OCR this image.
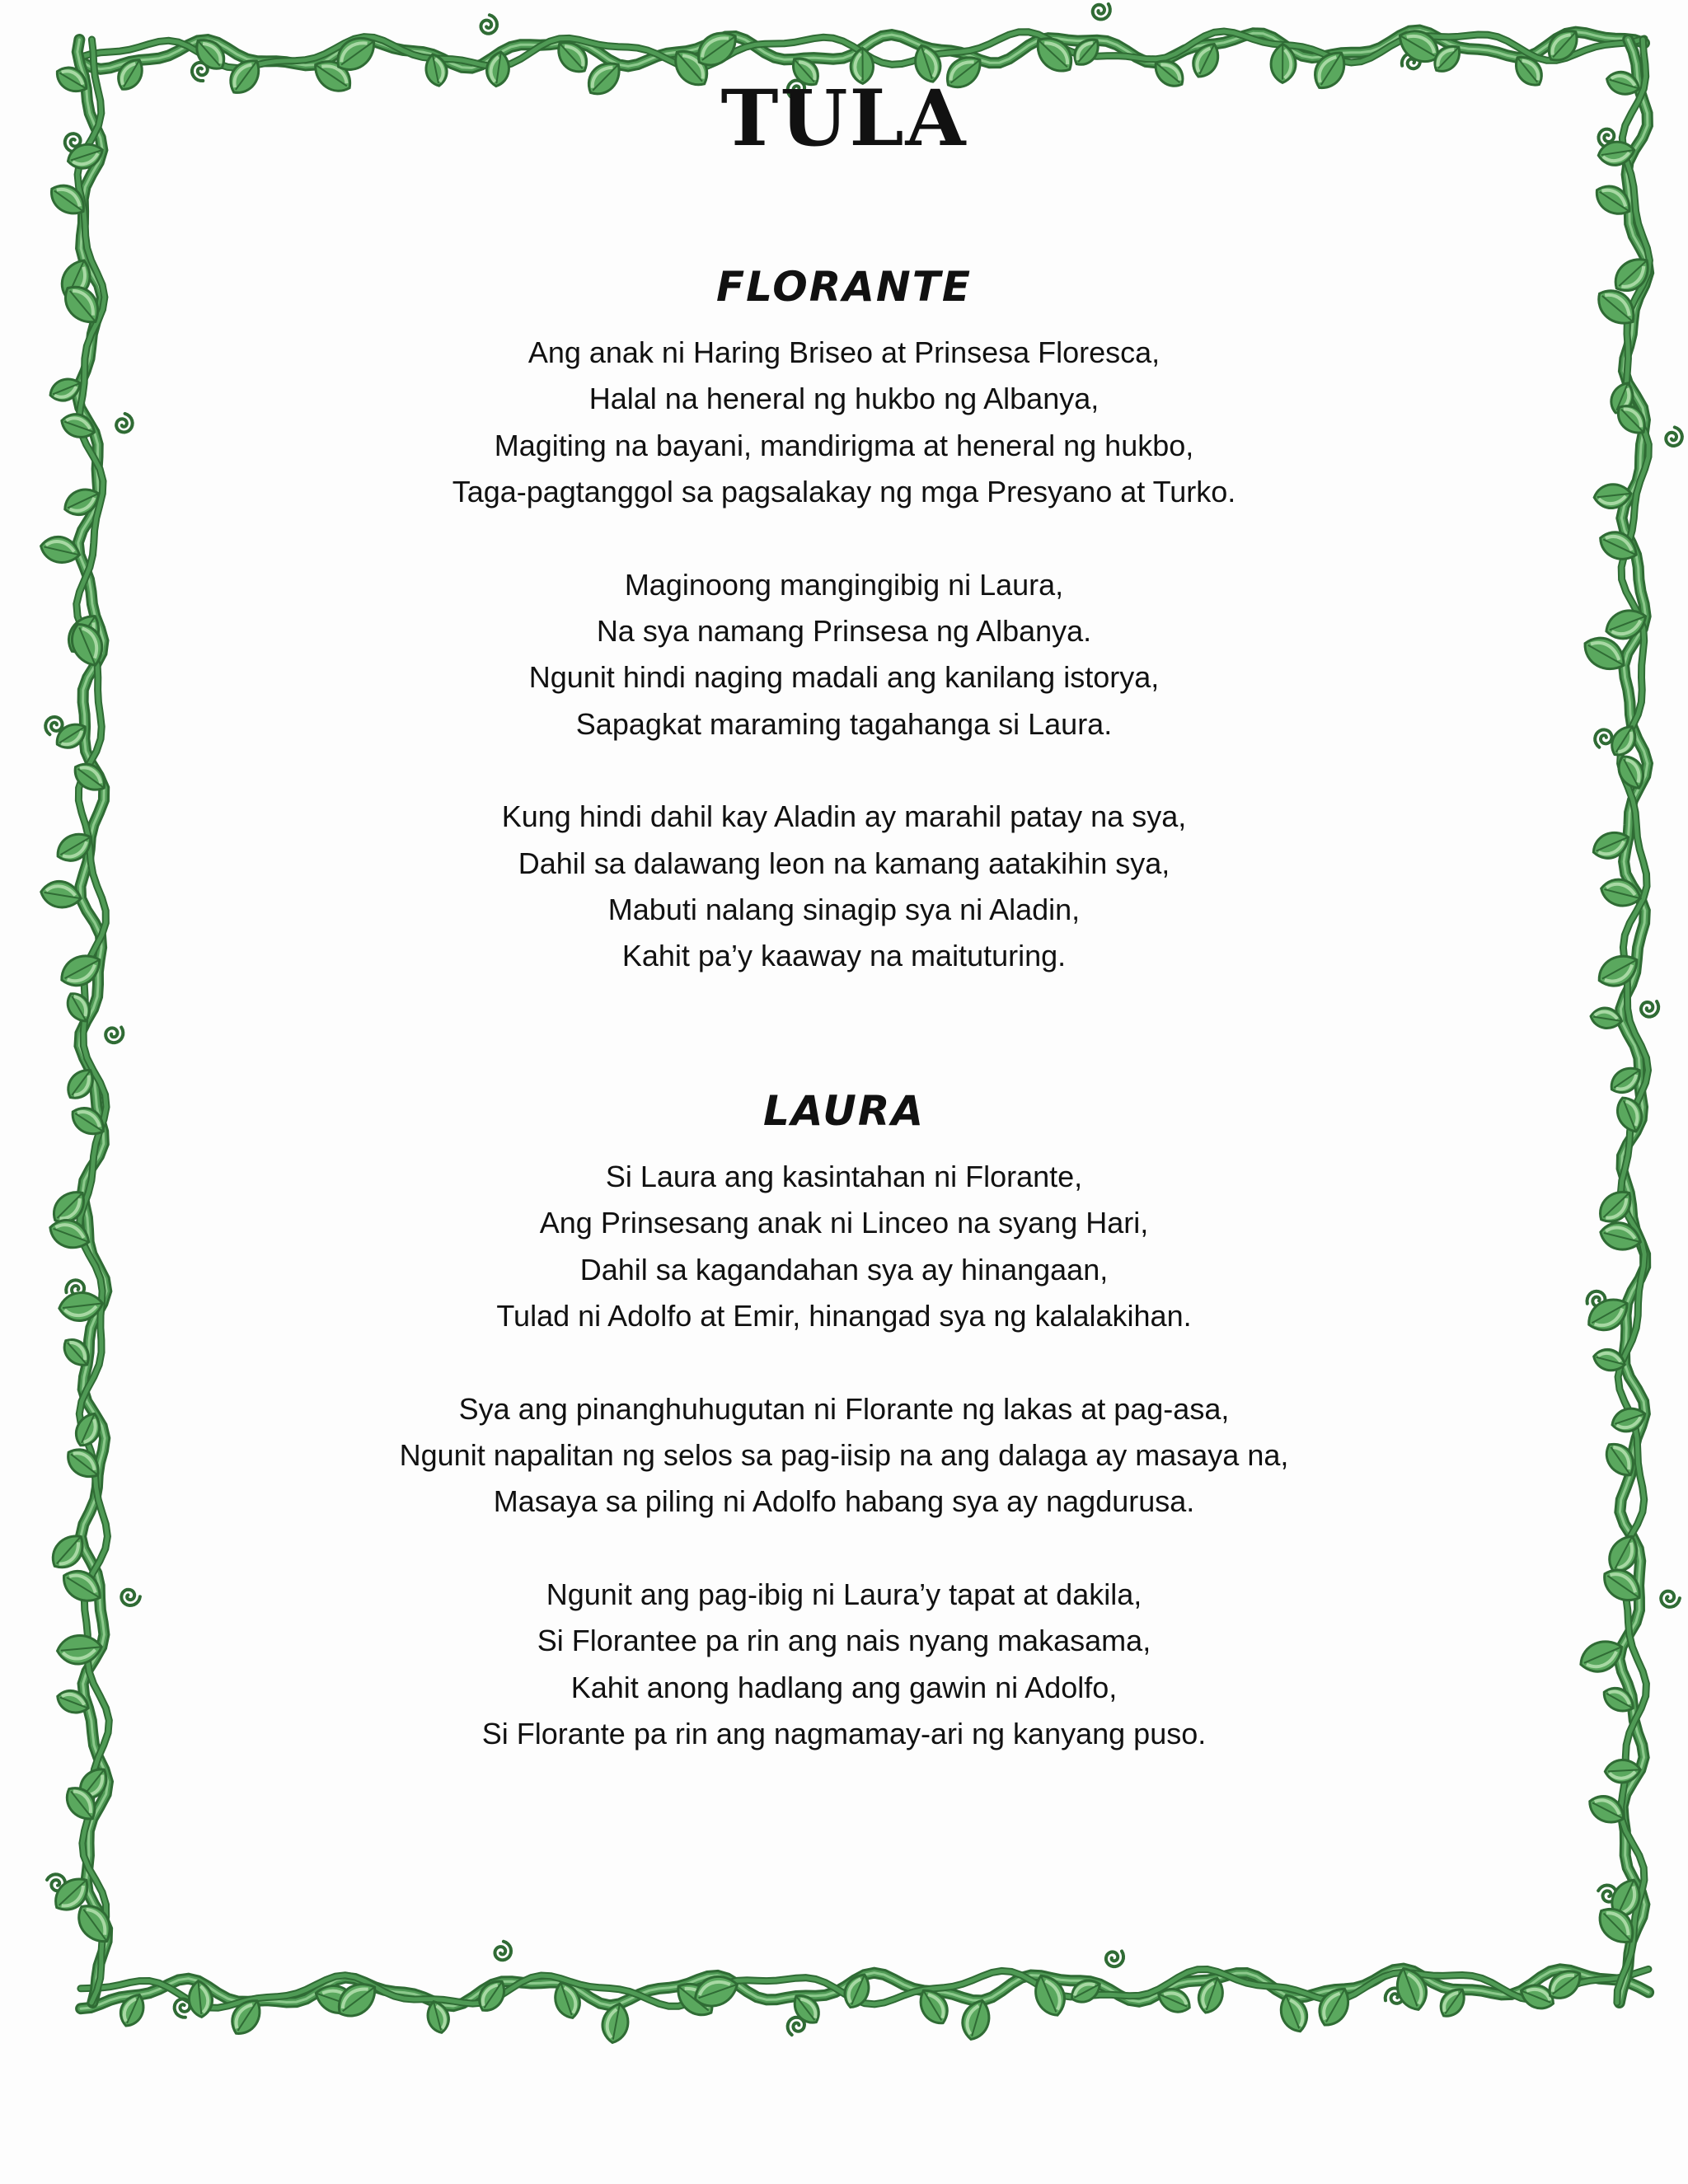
TULA
FLORANTE
Ang anak ni Haring Briseo at Prinsesa Floresca,
Halal na heneral ng hukbo ng Albanya,
Magiting na bayani, mandirigma at heneral ng hukbo,
Taga-pagtanggol sa pagsalakay ng mga Presyano at Turko.
Maginoong mangingibig ni Laura,
Na sya namang Prinsesa ng Albanya.
Ngunit hindi naging madali ang kanilang istorya,
Sapagkat maraming tagahanga si Laura.
Kung hindi dahil kay Aladin ay marahil patay na sya,
Dahil sa dalawang leon na kamang aatakihin sya,
Mabuti nalang sinagip sya ni Aladin,
Kahit pa’y kaaway na maituturing.
LAURA
Si Laura ang kasintahan ni Florante,
Ang Prinsesang anak ni Linceo na syang Hari,
Dahil sa kagandahan sya ay hinangaan,
Tulad ni Adolfo at Emir, hinangad sya ng kalalakihan.
Sya ang pinanghuhugutan ni Florante ng lakas at pag-asa,
Ngunit napalitan ng selos sa pag-iisip na ang dalaga ay masaya na,
Masaya sa piling ni Adolfo habang sya ay nagdurusa.
Ngunit ang pag-ibig ni Laura’y tapat at dakila,
Si Florantee pa rin ang nais nyang makasama,
Kahit anong hadlang ang gawin ni Adolfo,
Si Florante pa rin ang nagmamay-ari ng kanyang puso.
